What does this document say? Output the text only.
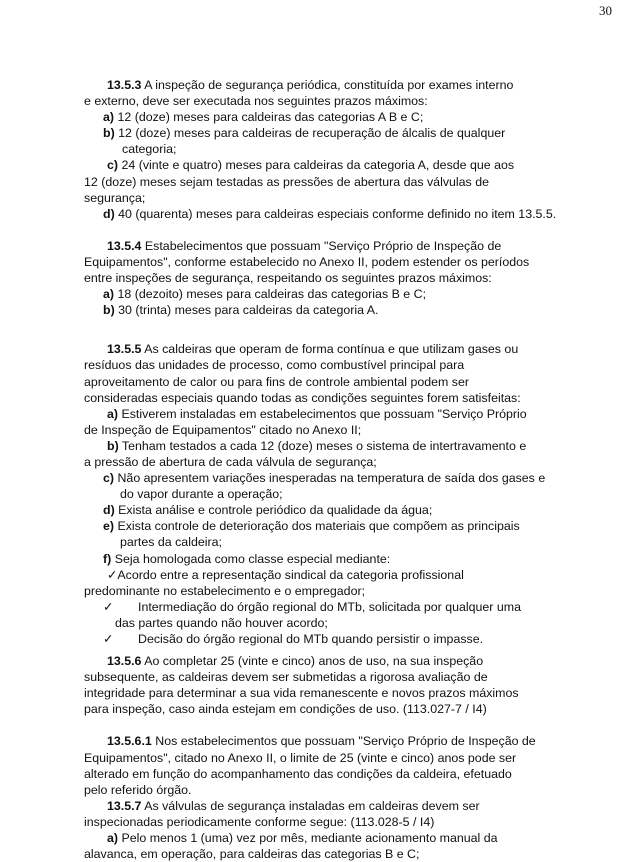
30
13.5.3 A inspeção de segurança periódica, constituída por exames interno
e externo, deve ser executada nos seguintes prazos máximos:
a) 12 (doze) meses para caldeiras das categorias A B e C;
b) 12 (doze) meses para caldeiras de recuperação de álcalis de qualquer categoria;
c) 24 (vinte e quatro) meses para caldeiras da categoria A, desde que aos
12 (doze) meses sejam testadas as pressões de abertura das válvulas de
segurança;
d) 40 (quarenta) meses para caldeiras especiais conforme definido no item 13.5.5.
13.5.4 Estabelecimentos que possuam "Serviço Próprio de Inspeção de
Equipamentos", conforme estabelecido no Anexo II, podem estender os períodos
entre inspeções de segurança, respeitando os seguintes prazos máximos:
a) 18 (dezoito) meses para caldeiras das categorias B e C;
b) 30 (trinta) meses para caldeiras da categoria A.
13.5.5 As caldeiras que operam de forma contínua e que utilizam gases ou
resíduos das unidades de processo, como combustível principal para
aproveitamento de calor ou para fins de controle ambiental podem ser
consideradas especiais quando todas as condições seguintes forem satisfeitas:
a) Estiverem instaladas em estabelecimentos que possuam "Serviço Próprio
de Inspeção de Equipamentos" citado no Anexo II;
b) Tenham testados a cada 12 (doze) meses o sistema de intertravamento e
a pressão de abertura de cada válvula de segurança;
c) Não apresentem variações inesperadas na temperatura de saída dos gases e do vapor durante a operação;
d) Exista análise e controle periódico da qualidade da água;
e) Exista controle de deterioração dos materiais que compõem as principais partes da caldeira;
f) Seja homologada como classe especial mediante:
✓Acordo entre a representação sindical da categoria profissional
predominante no estabelecimento e o empregador;
✓ Intermediação do órgão regional do MTb, solicitada por qualquer uma
das partes quando não houver acordo;
✓ Decisão do órgão regional do MTb quando persistir o impasse.
13.5.6 Ao completar 25 (vinte e cinco) anos de uso, na sua inspeção
subsequente, as caldeiras devem ser submetidas a rigorosa avaliação de
integridade para determinar a sua vida remanescente e novos prazos máximos
para inspeção, caso ainda estejam em condições de uso. (113.027-7 / I4)
13.5.6.1 Nos estabelecimentos que possuam "Serviço Próprio de Inspeção de
Equipamentos", citado no Anexo II, o limite de 25 (vinte e cinco) anos pode ser
alterado em função do acompanhamento das condições da caldeira, efetuado
pelo referido órgão.
13.5.7 As válvulas de segurança instaladas em caldeiras devem ser
inspecionadas periodicamente conforme segue: (113.028-5 / I4)
a) Pelo menos 1 (uma) vez por mês, mediante acionamento manual da
alavanca, em operação, para caldeiras das categorias B e C;
